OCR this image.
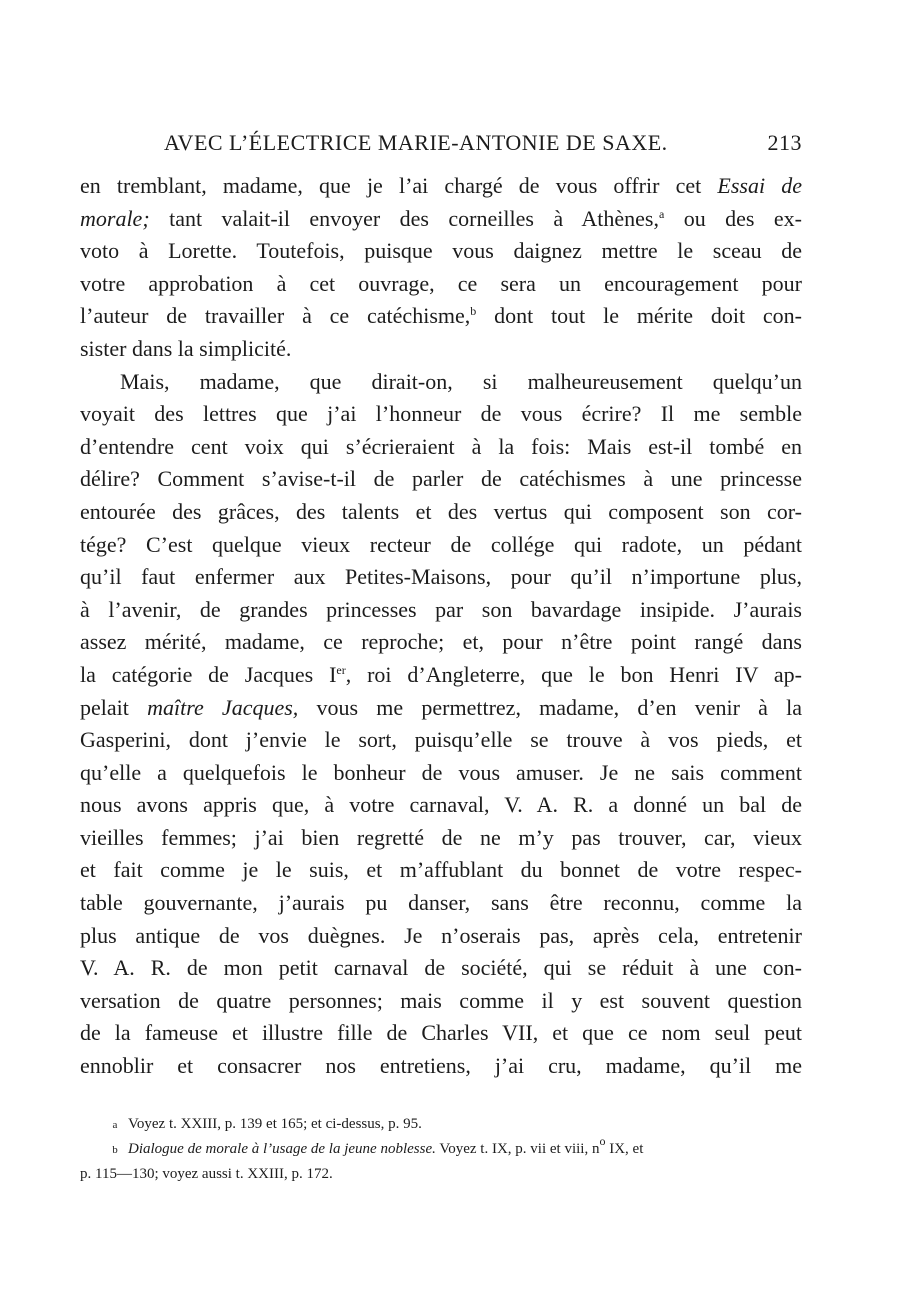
AVEC L’ÉLECTRICE MARIE-ANTONIE DE SAXE.	213
en tremblant, madame, que je l’ai chargé de vous offrir cet Essai de
morale; tant valait-il envoyer des corneilles à Athènes,$^a$ ou des ex-
voto à Lorette. Toutefois, puisque vous daignez mettre le sceau de
votre approbation à cet ouvrage, ce sera un encouragement pour
l’auteur de travailler à ce catéchisme,$^b$ dont tout le mérite doit con-
sister dans la simplicité.
Mais, madame, que dirait-on, si malheureusement quelqu’un
voyait des lettres que j’ai l’honneur de vous écrire? Il me semble
d’entendre cent voix qui s’écrieraient à la fois: Mais est-il tombé en
délire? Comment s’avise-t-il de parler de catéchismes à une princesse
entourée des grâces, des talents et des vertus qui composent son cor-
tége? C’est quelque vieux recteur de collége qui radote, un pédant
qu’il faut enfermer aux Petites-Maisons, pour qu’il n’importune plus,
à l’avenir, de grandes princesses par son bavardage insipide. J’aurais
assez mérité, madame, ce reproche; et, pour n’être point rangé dans
la catégorie de Jacques Ier, roi d’Angleterre, que le bon Henri IV ap-
pelait maître Jacques, vous me permettrez, madame, d’en venir à la
Gasperini, dont j’envie le sort, puisqu’elle se trouve à vos pieds, et
qu’elle a quelquefois le bonheur de vous amuser. Je ne sais comment
nous avons appris que, à votre carnaval, V. A. R. a donné un bal de
vieilles femmes; j’ai bien regretté de ne m’y pas trouver, car, vieux
et fait comme je le suis, et m’affublant du bonnet de votre respec-
table gouvernante, j’aurais pu danser, sans être reconnu, comme la
plus antique de vos duègnes. Je n’oserais pas, après cela, entretenir
V. A. R. de mon petit carnaval de société, qui se réduit à une con-
versation de quatre personnes; mais comme il y est souvent question
de la fameuse et illustre fille de Charles VII, et que ce nom seul peut
ennoblir et consacrer nos entretiens, j’ai cru, madame, qu’il me
a Voyez t. XXIII, p. 139 et 165; et ci-dessus, p. 95.
b Dialogue de morale à l’usage de la jeune noblesse. Voyez t. IX, p. vii et viii, $n^o$ IX, et
p. 115—130; voyez aussi t. XXIII, p. 172.
